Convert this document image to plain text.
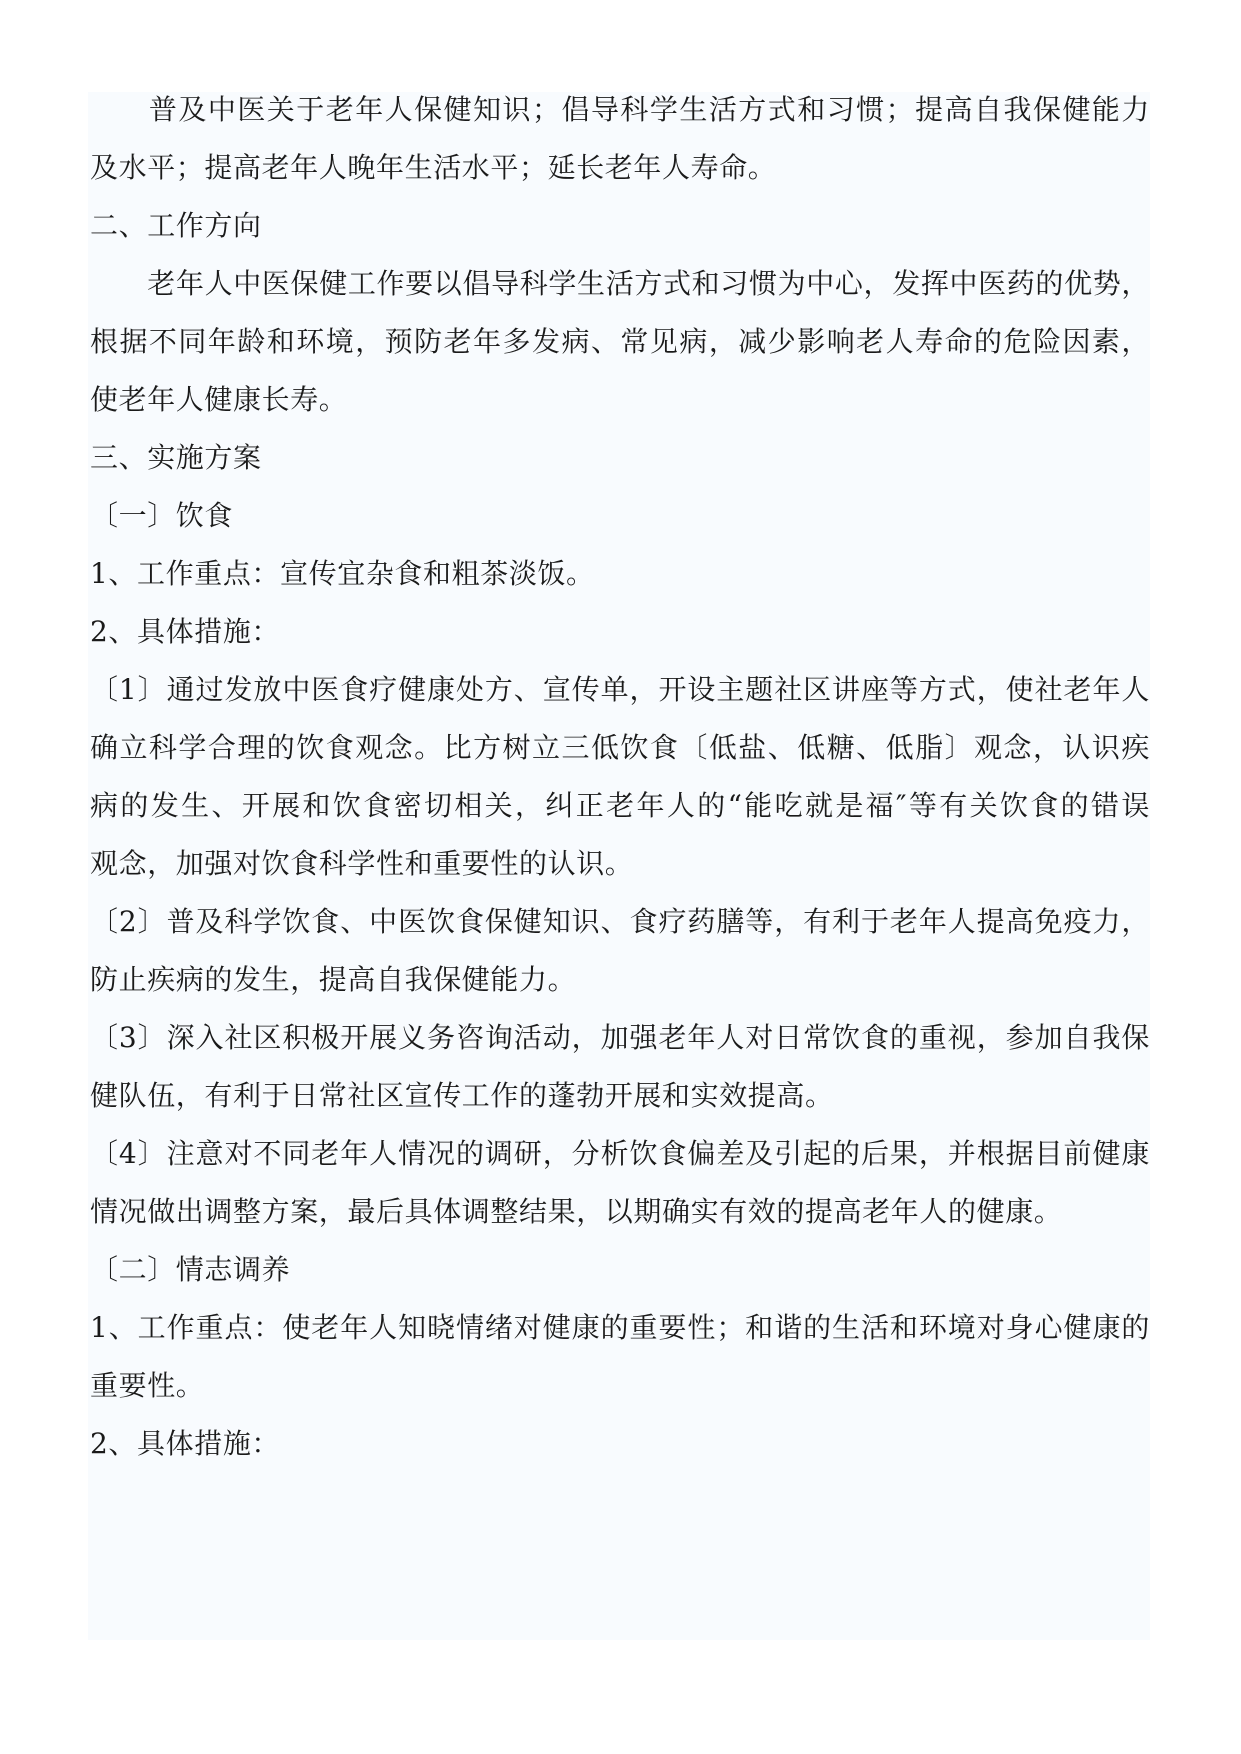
　　普及中医关于老年人保健知识；倡导科学生活方式和习惯；提高自我保健能力

及水平；提高老年人晚年生活水平；延长老年人寿命。

二、工作方向

　　老年人中医保健工作要以倡导科学生活方式和习惯为中心，发挥中医药的优势，

根据不同年龄和环境，预防老年多发病、常见病，减少影响老人寿命的危险因素，

使老年人健康长寿。

三、实施方案

〔一〕饮食

1、工作重点：宣传宜杂食和粗茶淡饭。

2、具体措施：

〔1〕通过发放中医食疗健康处方、宣传单，开设主题社区讲座等方式，使社老年人

确立科学合理的饮食观念。比方树立三低饮食〔低盐、低糖、低脂〕观念，认识疾

病的发生、开展和饮食密切相关，纠正老年人的“能吃就是福″等有关饮食的错误

观念，加强对饮食科学性和重要性的认识。

〔2〕普及科学饮食、中医饮食保健知识、食疗药膳等，有利于老年人提高免疫力，

防止疾病的发生，提高自我保健能力。

〔3〕深入社区积极开展义务咨询活动，加强老年人对日常饮食的重视，参加自我保

健队伍，有利于日常社区宣传工作的蓬勃开展和实效提高。

〔4〕注意对不同老年人情况的调研，分析饮食偏差及引起的后果，并根据目前健康

情况做出调整方案，最后具体调整结果，以期确实有效的提高老年人的健康。

〔二〕情志调养

1、工作重点：使老年人知晓情绪对健康的重要性；和谐的生活和环境对身心健康的

重要性。

2、具体措施：
